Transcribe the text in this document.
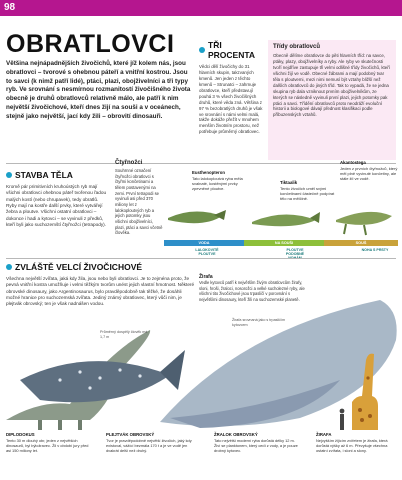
98
OBRATLOVCI
Většina nejnápadnějších živočichů, které jíž kolem nás, jsou obratlovci – tvorové s ohebnou páteří a vnitřní kostrou. Jsou to savci (k nimž patří lidé), ptáci, plazi, obojživelníci a tři typy ryb. Ve srovnání s nesmírnou rozmanitostí živočišného života obecně je druhů obratlovců relativně málo, ale patří k nim největší živočichové, kteří dnes žijí na souši a v oceánech, stejně jako největší, jací kdy žili – obrovití dinosauři.
TŘI PROCENTA

Vědci dělí živočichy do 31 hlavních skupin, takzvaných kmenů. Jen jeden z těchto kmenů – Strunatci – zahrnuje obratlovce, kteří představují pouhá 3 % všech živočišných druhů, které věda zná. Většina z 97 % bezobratlých druhů je však ve srovnání s námi velmi malá, takže dokáže přežít v mnohem menším životním prostoru, než potřebuje průměrný obratlovec.

Třídy obratlovců

Obecně dělíme obratlovce do pěti hlavních tříd: na savce, ptáky, plazy, obojživelníky a ryby. Ale ryby ve skutečnosti tvoří nejdříve zastupuje tři velmi odlišné třídy živočichů, kteří všichni žijí ve vodě. Obecné žábrami a mají podobný tvar těla s ploutvemi, mezi nimi nemusí být vztahy bližší než dalších obratlovců do jiných tříd. Tak to vypadá, že se jedna skupina ryb dala vzniknout prvním obojživelníkům, ze kterých se následně vyvinuli první plazi, jejich potomky pak ptáci a savci. Třídění obratlovců proto neodráží evoluční historii a biologové dávají přednost klasifikaci podle příbuzenských vztahů.

STAVBA TĚLA

Kromě pár primitivních kruhoústých ryb mají všichni obratlovci ohebnou páteř tvořenou řadou malých kostí (nebo chrupavek), tedy obratlů. Ryby mají na kostře další prvky, které vytvářejí žebra a ploutve. Všichni ostatní obratlovci – dokonce i hadi a kytovci – se vyvinuli z předků, kteří byli jako suchozemští čtyřnožci (tetrapody).

Čtyřnožci

Souhrnné označení čtyřnožci obratlovci s čtyřmi končetinami a tělem postavenými na zemi. První tetrapodi se vyvinuli asi před 370 miliony let z lalokoploutvých ryb a jejich potomky jsou všichni obojživelníci, plazi, ptáci a savci včetně člověka.

Eusthenopteron
Tato lalokoploutvá ryba měla svalnaté, kostěnými prvky zpevněné ploutve.
Tiktaalik
Tento živočich uměl svými končetinami částečně podpírat tělo na mělčině.
Akantostega
Jeden z prvních čtyřnožců, který měl plně vyvinuté končetiny, ale stále žil ve vodě.
VODA	NA SOUŠI	SOUŠ
LALOKOVITÉ PLOUTVE
PLOUTVE PODOBNÉ
NOHA S PRSTY
ZVLÁŠTĚ VELCÍ ŽIVOČICHOVÉ

Všechna největší zvířata, jaká kdy žila, jsou nebo byli obratlovci. Je to zejména proto, že pevná vnitřní kostra umožňuje i velmi těžkým tvorům unést jejich vlastní hmotnost. Některé obrovské dinosaury, jako Argentinosaurus, bylo pravděpodobně tak těžké, že dosáhli možné hranice pro suchozemská zvířata. Jediný známý obratlovec, který vůči nim, je plejtvák obrovský; ten je však nadnášen vodou.

Žirafa

Vedle kytovců patří k největším živým obratlovcům žirafy, sloni, hroši, žraloci, nosorožci a velké sucholezné ryby, ale všichni tito živočichové jsou trpasličí v porovnání s největšími dinosaury, kteří žili na suchozemské planetě.

Žirafa srovnaná jako s trpasličím kytovcem
Průměrný dospělý člověk má 1,7 m
DIPLODOKUS
Tento 30 m dlouhý obr, jeden z největších dinosaurů, byl býložravec. Žil v období jury před asi 150 miliony let.
PLEJTVÁK OBROVSKÝ
Tvor je pravděpodobně největší živočich, jaký kdy existoval, vážící bezmála 170 t a je ve vodě jen dvakrát delší než druhý.
ŽRALOK OBROVSKÝ
Tato největší moderní ryba dorůstá délky 12 m. Živí se planktonem, který cedí z vody, a je pouze drobný kytovec.
ŽIRAFA
Nejvyšším žijícím zvířetem je žirafa, která dorůstá výšky až 6 m. Převyšuje všechna ostatní zvířata, i sloni a slony.
